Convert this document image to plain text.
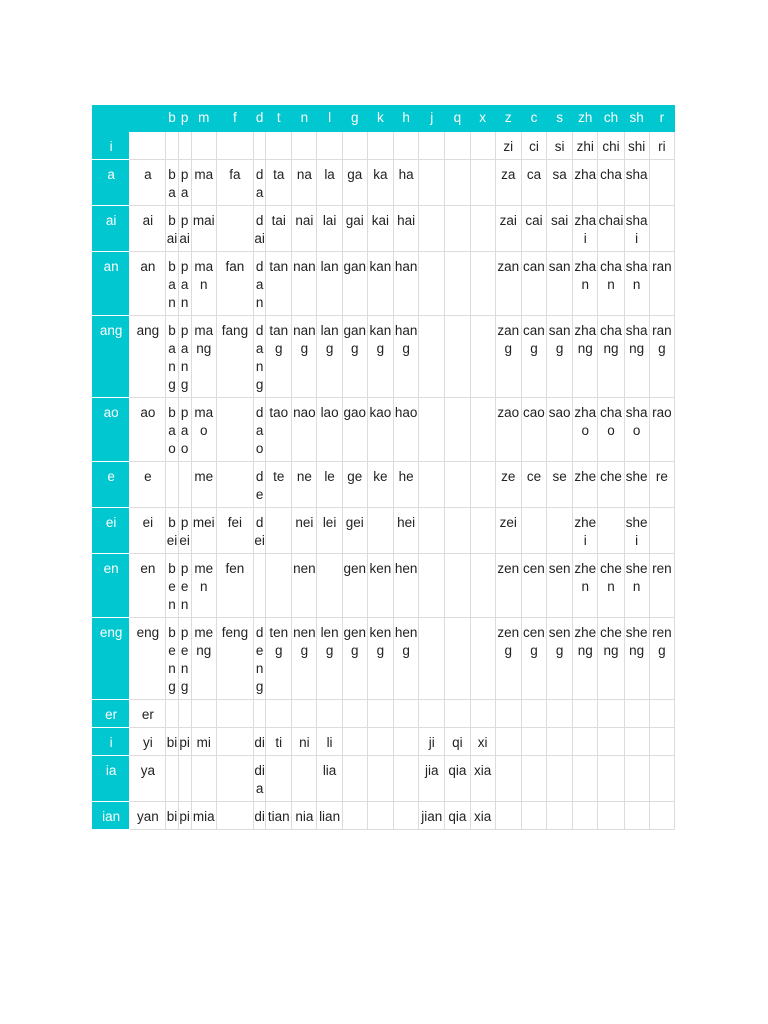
		b	p	m	f	d	t	n	l	g	k	h	j	q	x	z	c	s	zh	ch	sh	r
i																zi	ci	si	zhi	chi	shi	ri
a	a	ba	pa	ma	fa	da	ta	na	la	ga	ka	ha				za	ca	sa	zha	cha	sha	
ai	ai	bai	pai	mai		dai	tai	nai	lai	gai	kai	hai				zai	cai	sai	zhai	chai	shai	
an	an	ban	pan	man	fan	dan	tan	nan	lan	gan	kan	han				zan	can	san	zhan	chan	shan	ran
ang	ang	bang	pang	mang	fang	dang	tang	nang	lang	gang	kang	hang				zang	cang	sang	zhang	chang	shang	rang
ao	ao	bao	pao	mao		dao	tao	nao	lao	gao	kao	hao				zao	cao	sao	zhao	chao	shao	rao
e	e			me		de	te	ne	le	ge	ke	he				ze	ce	se	zhe	che	she	re
ei	ei	bei	pei	mei	fei	dei		nei	lei	gei		hei				zei			zhei		shei	
en	en	ben	pen	men	fen			nen		gen	ken	hen				zen	cen	sen	zhen	chen	shen	ren
eng	eng	beng	peng	meng	feng	deng	teng	neng	leng	geng	keng	heng				zeng	ceng	seng	zheng	cheng	sheng	reng
er	er																					
i	yi	bi	pi	mi		di	ti	ni	li				ji	qi	xi							
ia	ya					dia			lia				jia	qia	xia							
ian	yan	bi	pi	mia		di	tian	nia	lian				jian	qia	xia							
